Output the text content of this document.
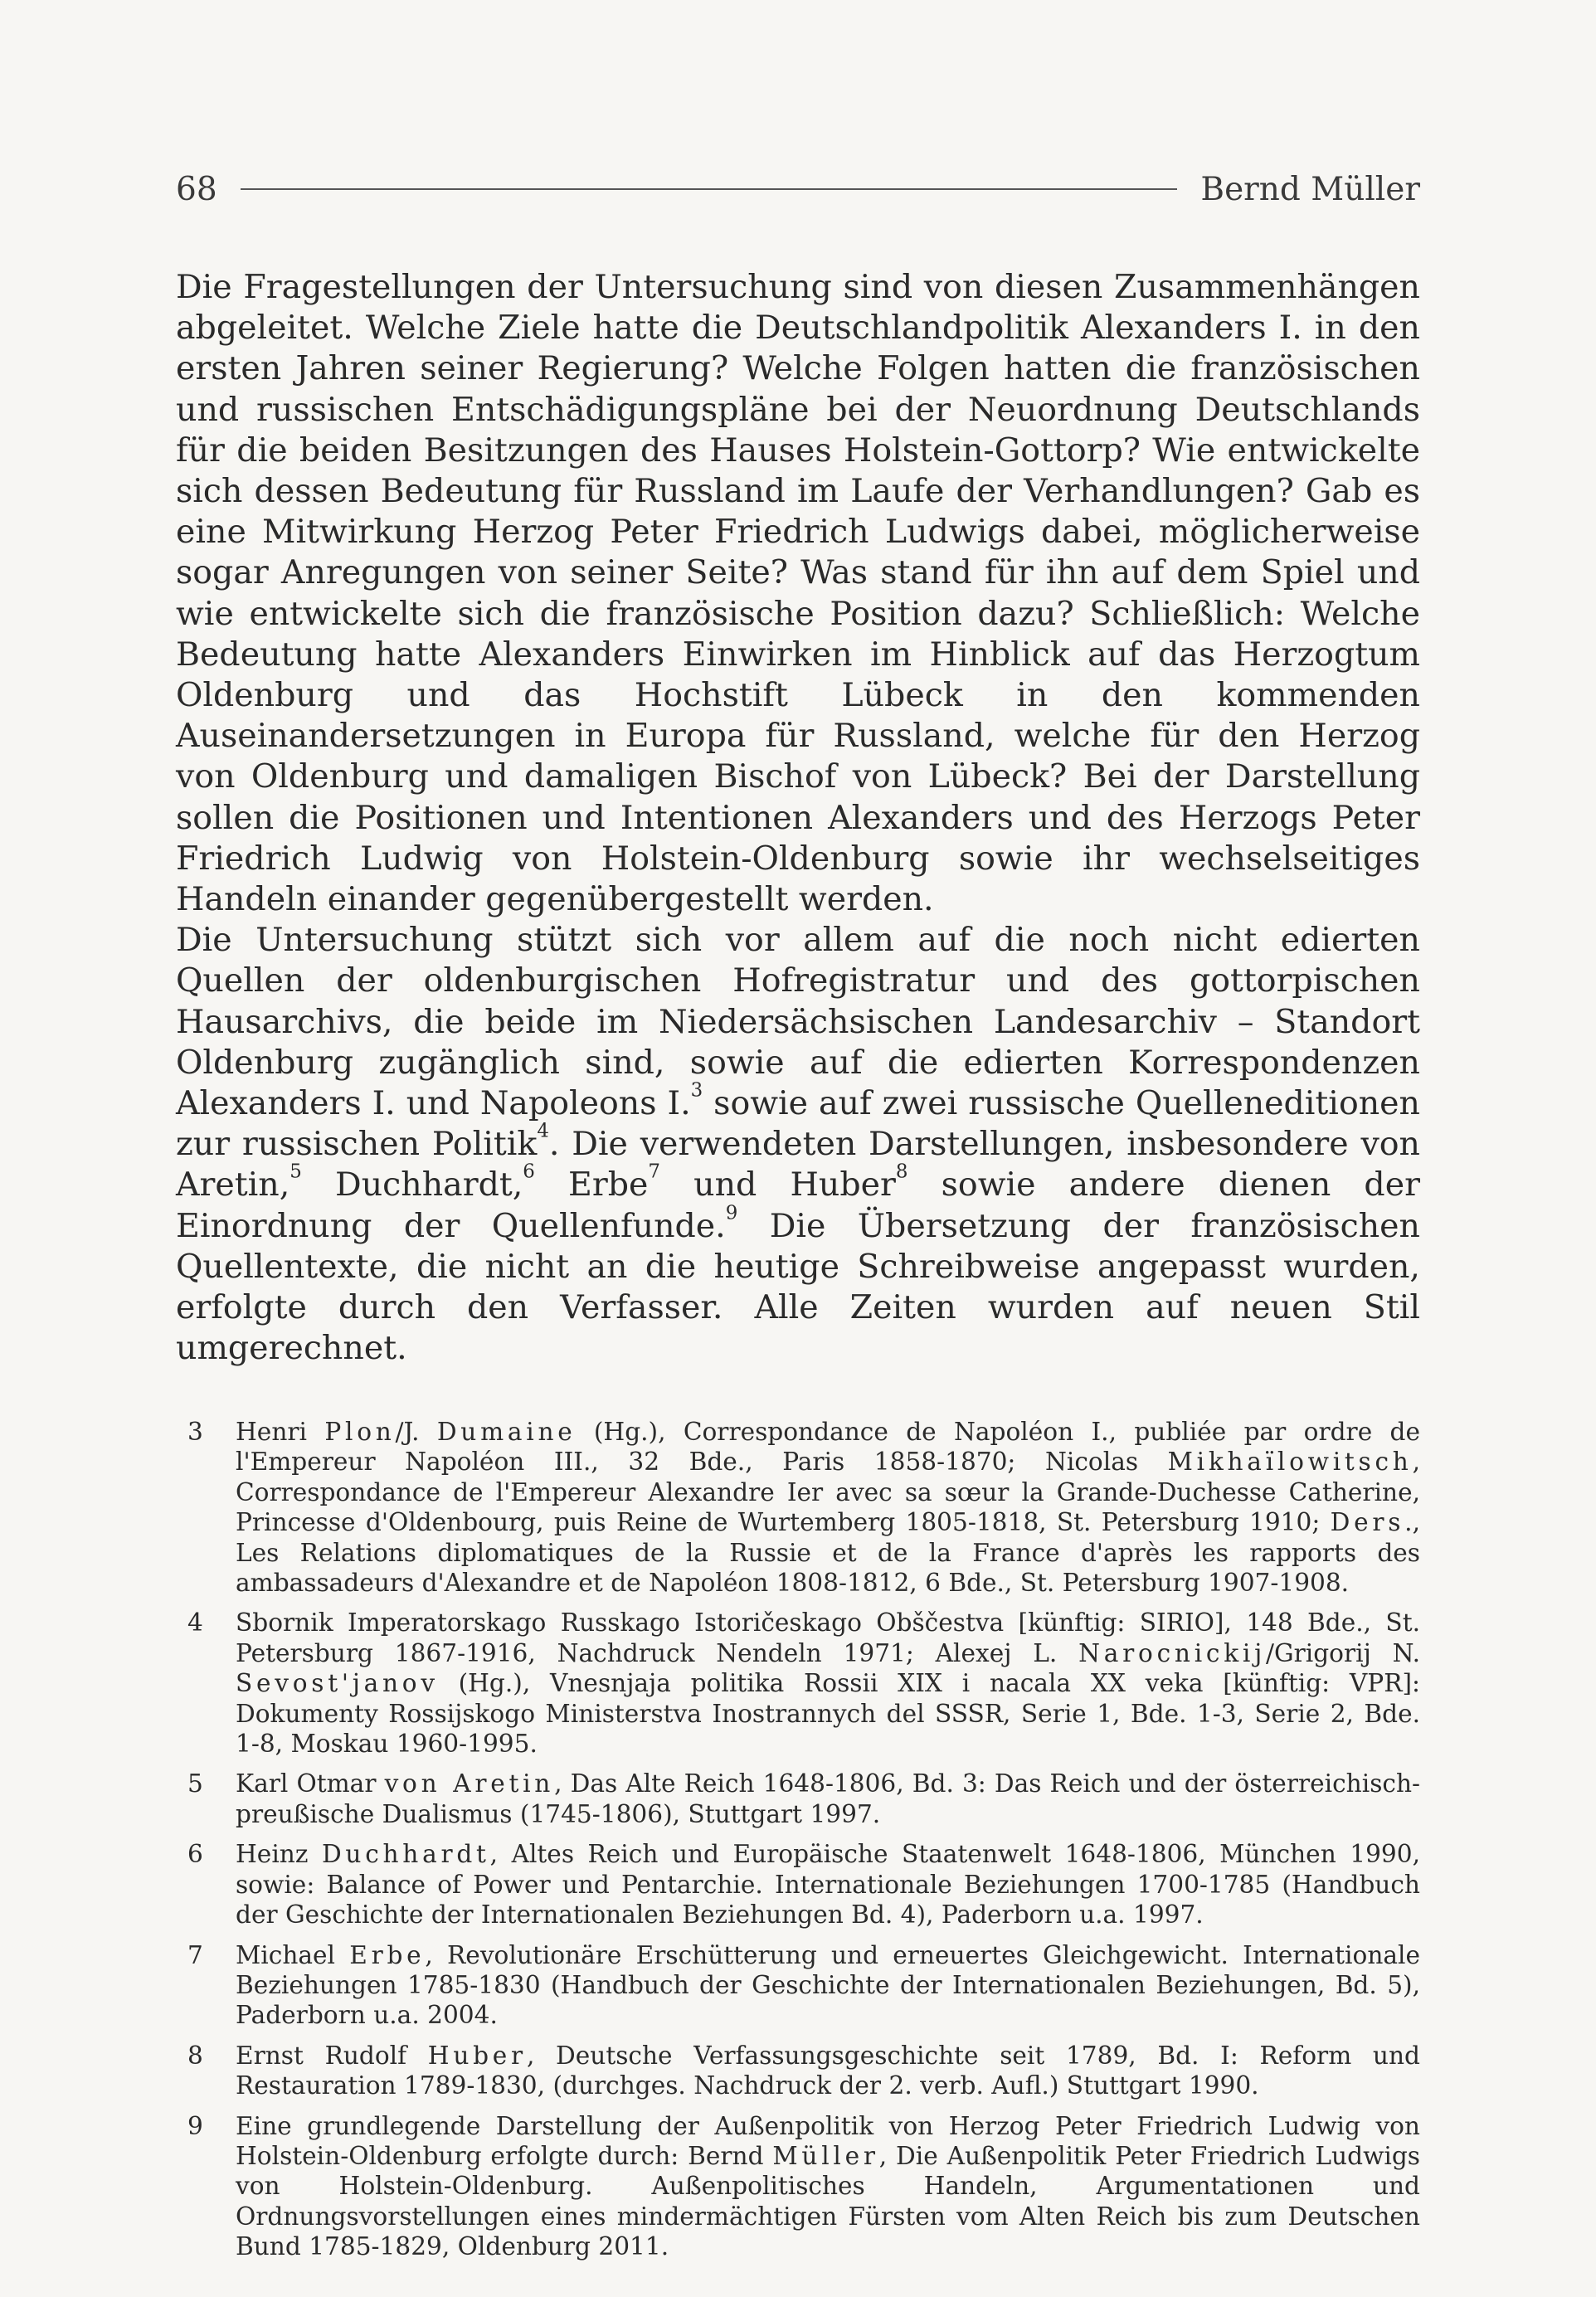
68	Bernd Müller

Die Fragestellungen der Untersuchung sind von diesen Zusammenhängen abgeleitet. Welche Ziele hatte die Deutschlandpolitik Alexanders I. in den ersten Jahren seiner Regierung? Welche Folgen hatten die französischen und russischen Entschädigungspläne bei der Neuordnung Deutschlands für die beiden Besitzungen des Hauses Holstein-Gottorp? Wie entwickelte sich dessen Bedeutung für Russland im Laufe der Verhandlungen? Gab es eine Mitwirkung Herzog Peter Friedrich Ludwigs dabei, möglicherweise sogar Anregungen von seiner Seite? Was stand für ihn auf dem Spiel und wie entwickelte sich die französische Position dazu? Schließlich: Welche Bedeutung hatte Alexanders Einwirken im Hinblick auf das Herzogtum Oldenburg und das Hochstift Lübeck in den kommenden Auseinandersetzungen in Europa für Russland, welche für den Herzog von Oldenburg und damaligen Bischof von Lübeck? Bei der Darstellung sollen die Positionen und Intentionen Alexanders und des Herzogs Peter Friedrich Ludwig von Holstein-Oldenburg sowie ihr wechselseitiges Handeln einander gegenübergestellt werden.

Die Untersuchung stützt sich vor allem auf die noch nicht edierten Quellen der oldenburgischen Hofregistratur und des gottorpischen Hausarchivs, die beide im Niedersächsischen Landesarchiv – Standort Oldenburg zugänglich sind, sowie auf die edierten Korrespondenzen Alexanders I. und Napoleons I.$^3$ sowie auf zwei russische Quelleneditionen zur russischen Politik$^4$. Die verwendeten Darstellungen, insbesondere von Aretin,$^5$ Duchhardt,$^6$ Erbe$^7$ und Huber$^8$ sowie andere dienen der Einordnung der Quellenfunde.$^9$ Die Übersetzung der französischen Quellentexte, die nicht an die heutige Schreibweise angepasst wurden, erfolgte durch den Verfasser. Alle Zeiten wurden auf neuen Stil umgerechnet.

3	Henri Plon/J. Dumaine (Hg.), Correspondance de Napoléon I., publiée par ordre de l'Empereur Napoléon III., 32 Bde., Paris 1858-1870; Nicolas Mikhaïlowitsch, Correspondance de l'Empereur Alexandre Ier avec sa sœur la Grande-Duchesse Catherine, Princesse d'Oldenbourg, puis Reine de Wurtemberg 1805-1818, St. Petersburg 1910; Ders., Les Relations diplomatiques de la Russie et de la France d'après les rapports des ambassadeurs d'Alexandre et de Napoléon 1808-1812, 6 Bde., St. Petersburg 1907-1908.
4	Sbornik Imperatorskago Russkago Istoričeskago Obščestva [künftig: SIRIO], 148 Bde., St. Petersburg 1867-1916, Nachdruck Nendeln 1971; Alexej L. Narocnickij/Grigorij N. Sevost'janov (Hg.), Vnesnjaja politika Rossii XIX i nacala XX veka [künftig: VPR]: Dokumenty Rossijskogo Ministerstva Inostrannych del SSSR, Serie 1, Bde. 1-3, Serie 2, Bde. 1-8, Moskau 1960-1995.
5	Karl Otmar von Aretin, Das Alte Reich 1648-1806, Bd. 3: Das Reich und der österreichisch-preußische Dualismus (1745-1806), Stuttgart 1997.
6	Heinz Duchhardt, Altes Reich und Europäische Staatenwelt 1648-1806, München 1990, sowie: Balance of Power und Pentarchie. Internationale Beziehungen 1700-1785 (Handbuch der Geschichte der Internationalen Beziehungen Bd. 4), Paderborn u.a. 1997.
7	Michael Erbe, Revolutionäre Erschütterung und erneuertes Gleichgewicht. Internationale Beziehungen 1785-1830 (Handbuch der Geschichte der Internationalen Beziehungen, Bd. 5), Paderborn u.a. 2004.
8	Ernst Rudolf Huber, Deutsche Verfassungsgeschichte seit 1789, Bd. I: Reform und Restauration 1789-1830, (durchges. Nachdruck der 2. verb. Aufl.) Stuttgart 1990.
9	Eine grundlegende Darstellung der Außenpolitik von Herzog Peter Friedrich Ludwig von Holstein-Oldenburg erfolgte durch: Bernd Müller, Die Außenpolitik Peter Friedrich Ludwigs von Holstein-Oldenburg. Außenpolitisches Handeln, Argumentationen und Ordnungsvorstellungen eines mindermächtigen Fürsten vom Alten Reich bis zum Deutschen Bund 1785-1829, Oldenburg 2011.
